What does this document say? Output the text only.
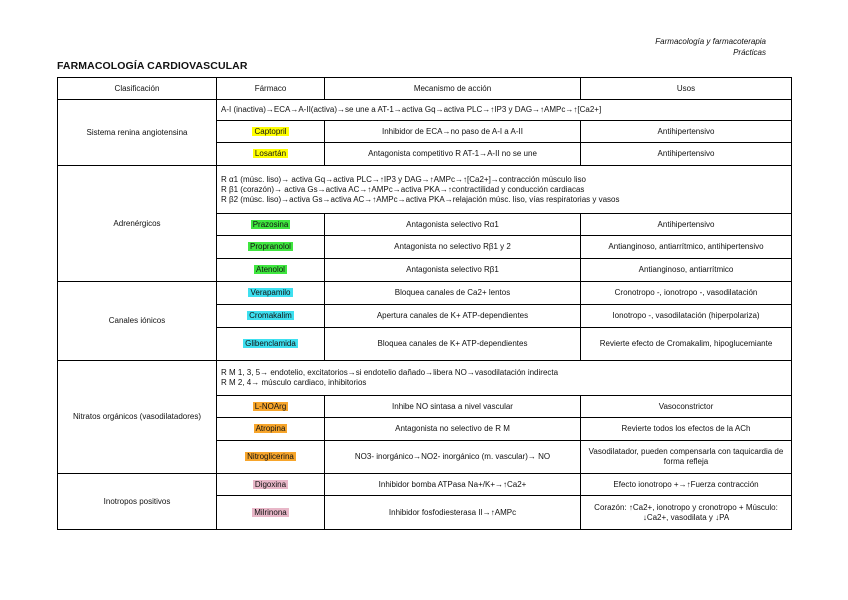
Farmacología y farmacoterapia
Prácticas
FARMACOLOGÍA CARDIOVASCULAR
Clasificación	Fármaco	Mecanismo de acción	Usos
Sistema renina angiotensina	A-I (inactiva)→ECA→A-II(activa)→se une a AT-1→activa Gq→activa PLC→↑IP3 y DAG→↑AMPc→↑[Ca2+]		

	Captopril	Inhibidor de ECA→no paso de A-I a A-II	Antihipertensivo
	Losartán	Antagonista competitivo R AT-1→A-II no se une	Antihipertensivo
Adrenérgicos	R α1 (músc. liso)→ activa Gq→activa PLC→↑IP3 y DAG→↑AMPc→↑[Ca2+]→contracción músculo liso
R β1 (corazón)→ activa Gs→activa AC→↑AMPc→activa PKA→↑contractilidad y conducción cardiacas
R β2 (músc. liso)→activa Gs→activa AC→↑AMPc→activa PKA→relajación músc. liso, vías respiratorias y vasos		

	Prazosina	Antagonista selectivo Rα1	Antihipertensivo
	Propranolol	Antagonista no selectivo Rβ1 y 2	Antianginoso, antiarrítmico, antihipertensivo
	Atenolol	Antagonista selectivo Rβ1	Antianginoso, antiarrítmico
Canales iónicos	Verapamilo	Bloquea canales de Ca2+ lentos	Cronotropo -, ionotropo -, vasodilatación
	Cromakalim	Apertura canales de K+ ATP-dependientes	Ionotropo -, vasodilatación (hiperpolariza)
	Glibenclamida	Bloquea canales de K+ ATP-dependientes	Revierte efecto de Cromakalim, hipoglucemiante
Nitratos orgánicos (vasodilatadores)	R M 1, 3, 5→ endotelio, excitatorios→si endotelio dañado→libera NO→vasodilatación indirecta
R M 2, 4→ músculo cardiaco, inhibitorios		

	L-NOArg	Inhibe NO sintasa a nivel vascular	Vasoconstrictor
	Atropina	Antagonista no selectivo de R M	Revierte todos los efectos de la ACh
	Nitroglicerina	NO3- inorgánico→NO2- inorgánico (m. vascular)→ NO	Vasodilatador, pueden compensarla con taquicardia de forma refleja
Inotropos positivos	Digoxina	Inhibidor bomba ATPasa Na+/K+→↑Ca2+	Efecto ionotropo +→↑Fuerza contracción
	Milrinona	Inhibidor fosfodiesterasa II→↑AMPc	Corazón: ↑Ca2+, ionotropo y cronotropo + Músculo: ↓Ca2+, vasodilata y ↓PA
